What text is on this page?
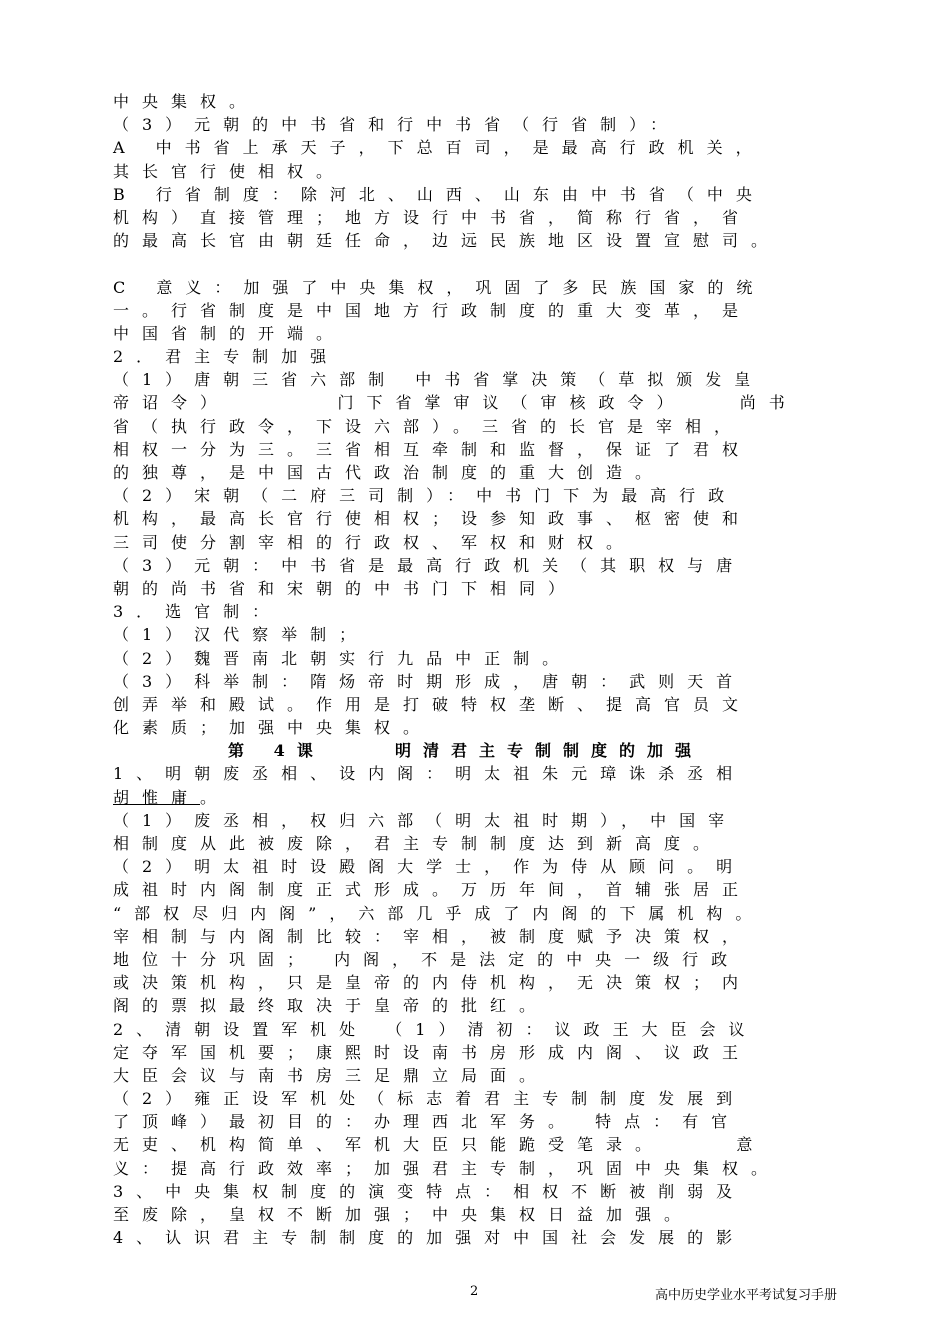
中央集权。
（3）元朝的中书省和行中书省（行省制）：
A 中书省上承天子，下总百司，是最高行政机关，
其长官行使相权。
B 行省制度：除河北、山西、山东由中书省（中央
机构）直接管理；地方设行中书省，简称行省，省
的最高长官由朝廷任命，边远民族地区设置宣慰司。
C 意义：加强了中央集权，巩固了多民族国家的统
一。行省制度是中国地方行政制度的重大变革，是
中国省制的开端。
2．君主专制加强
（1）唐朝三省六部制 中书省掌决策（草拟颁发皇
帝诏令）      门下省掌审议（审核政令）   尚书
省（执行政令，下设六部）。三省的长官是宰相，
相权一分为三。三省相互牵制和监督，保证了君权
的独尊，是中国古代政治制度的重大创造。
（2）宋朝（二府三司制）：中书门下为最高行政
机构，最高长官行使相权；设参知政事、枢密使和
三司使分割宰相的行政权、军权和财权。
（3）元朝：中书省是最高行政机关（其职权与唐
朝的尚书省和宋朝的中书门下相同）
3．选官制：
（1）汉代察举制；
（2）魏晋南北朝实行九品中正制。
（3）科举制：隋炀帝时期形成，唐朝：武则天首
创弄举和殿试。作用是打破特权垄断、提高官员文
化素质；加强中央集权。
第 4课    明清君主专制制度的加强
1、明朝废丞相、设内阁：明太祖朱元璋诛杀丞相
胡惟庸。
（1）废丞相，权归六部（明太祖时期），中国宰
相制度从此被废除，君主专制制度达到新高度。
（2）明太祖时设殿阁大学士，作为侍从顾问。明
成祖时内阁制度正式形成。万历年间，首辅张居正
“部权尽归内阁”，六部几乎成了内阁的下属机构。
宰相制与内阁制比较：宰相，被制度赋予决策权，
地位十分巩固； 内阁，不是法定的中央一级行政
或决策机构，只是皇帝的内侍机构，无决策权；内
阁的票拟最终取决于皇帝的批红。
2、清朝设置军机处 （1）清初：议政王大臣会议
定夺军国机要；康熙时设南书房形成内阁、议政王
大臣会议与南书房三足鼎立局面。
（2）雍正设军机处（标志着君主专制制度发展到
了顶峰）最初目的：办理西北军务。 特点：有官
无吏、机构简单、军机大臣只能跪受笔录。    意
义：提高行政效率；加强君主专制，巩固中央集权。
3、中央集权制度的演变特点：相权不断被削弱及
至废除，皇权不断加强；中央集权日益加强。
4、认识君主专制制度的加强对中国社会发展的影
2	高中历史学业水平考试复习手册
